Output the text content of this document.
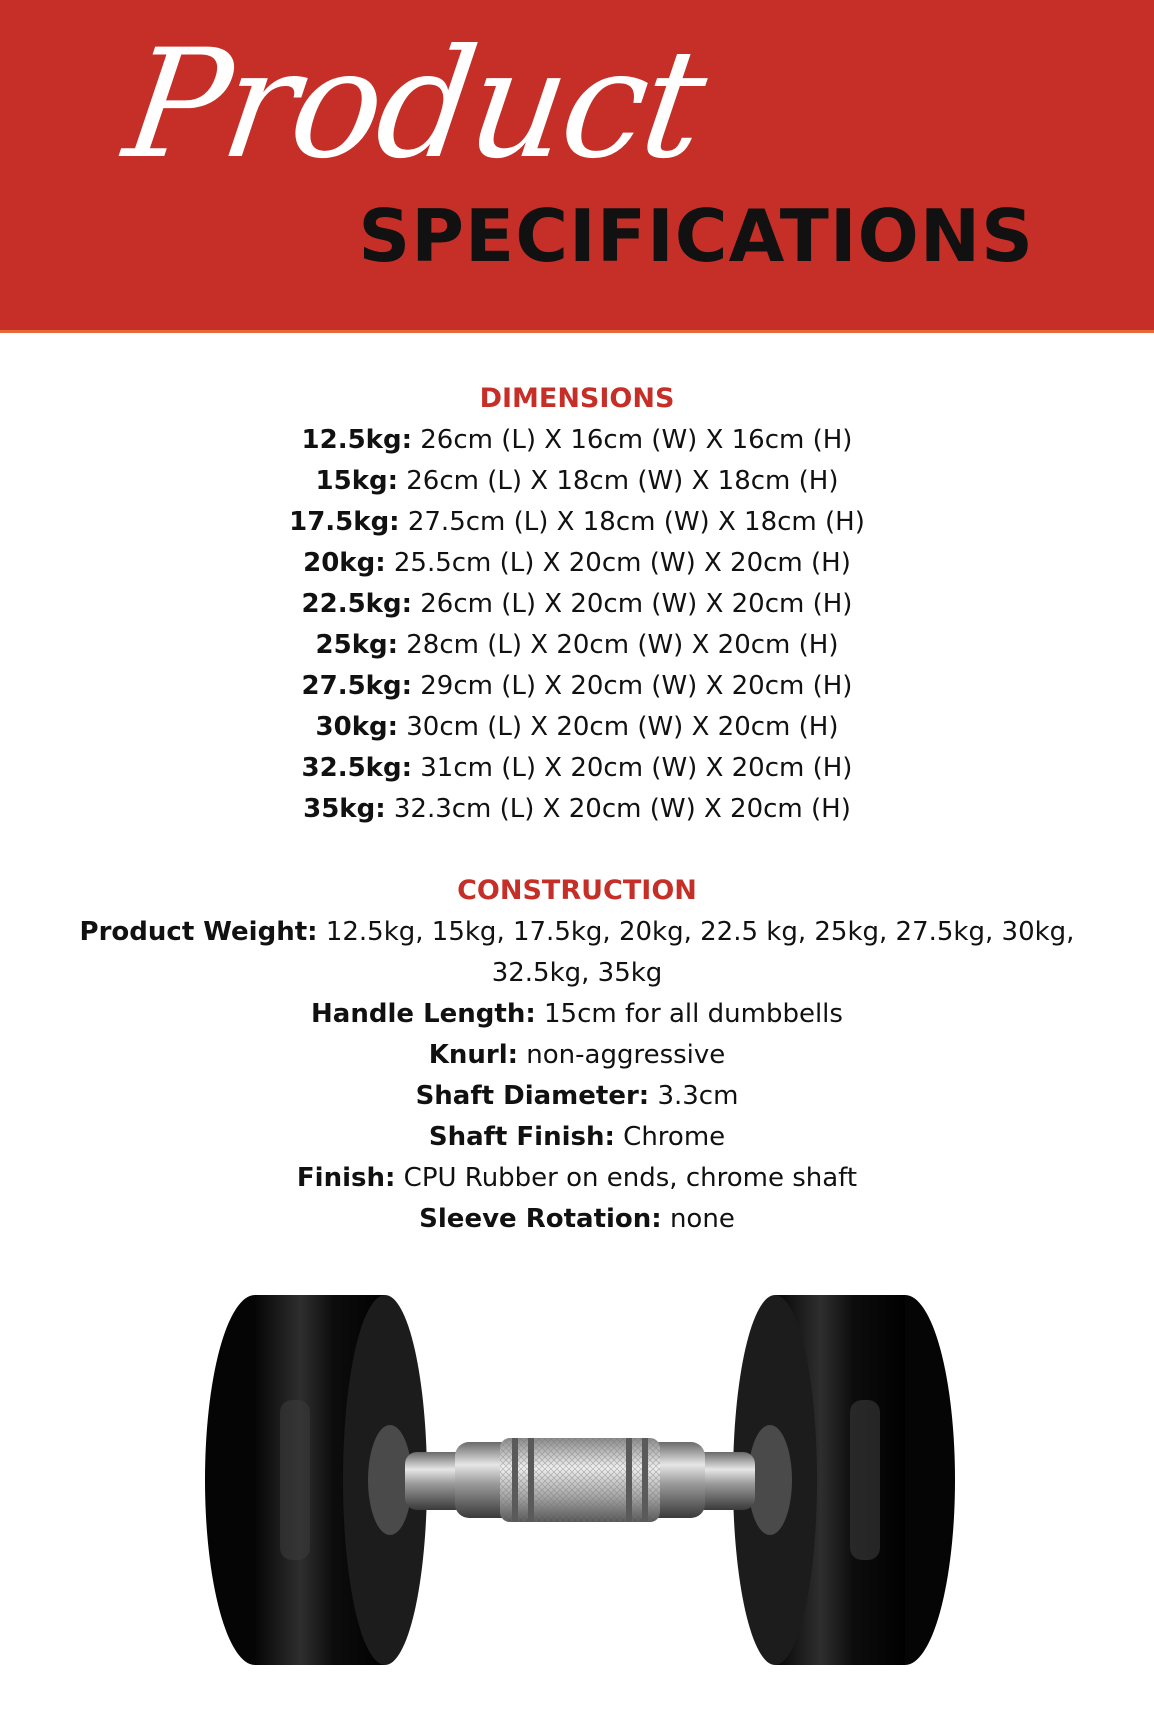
Product
SPECIFICATIONS
DIMENSIONS

12.5kg: 26cm (L) X 16cm (W) X 16cm (H)

15kg: 26cm (L) X 18cm (W) X 18cm (H)

17.5kg: 27.5cm (L) X 18cm (W) X 18cm (H)

20kg: 25.5cm (L) X 20cm (W) X 20cm (H)

22.5kg: 26cm (L) X 20cm (W) X 20cm (H)

25kg: 28cm (L) X 20cm (W) X 20cm (H)

27.5kg: 29cm (L) X 20cm (W) X 20cm (H)

30kg: 30cm (L) X 20cm (W) X 20cm (H)

32.5kg: 31cm (L) X 20cm (W) X 20cm (H)

35kg: 32.3cm (L) X 20cm (W) X 20cm (H)

CONSTRUCTION

Product Weight: 12.5kg, 15kg, 17.5kg, 20kg, 22.5 kg, 25kg, 27.5kg, 30kg, 32.5kg, 35kg

Handle Length: 15cm for all dumbbells

Knurl: non-aggressive

Shaft Diameter: 3.3cm

Shaft Finish: Chrome

Finish: CPU Rubber on ends, chrome shaft

Sleeve Rotation: none
